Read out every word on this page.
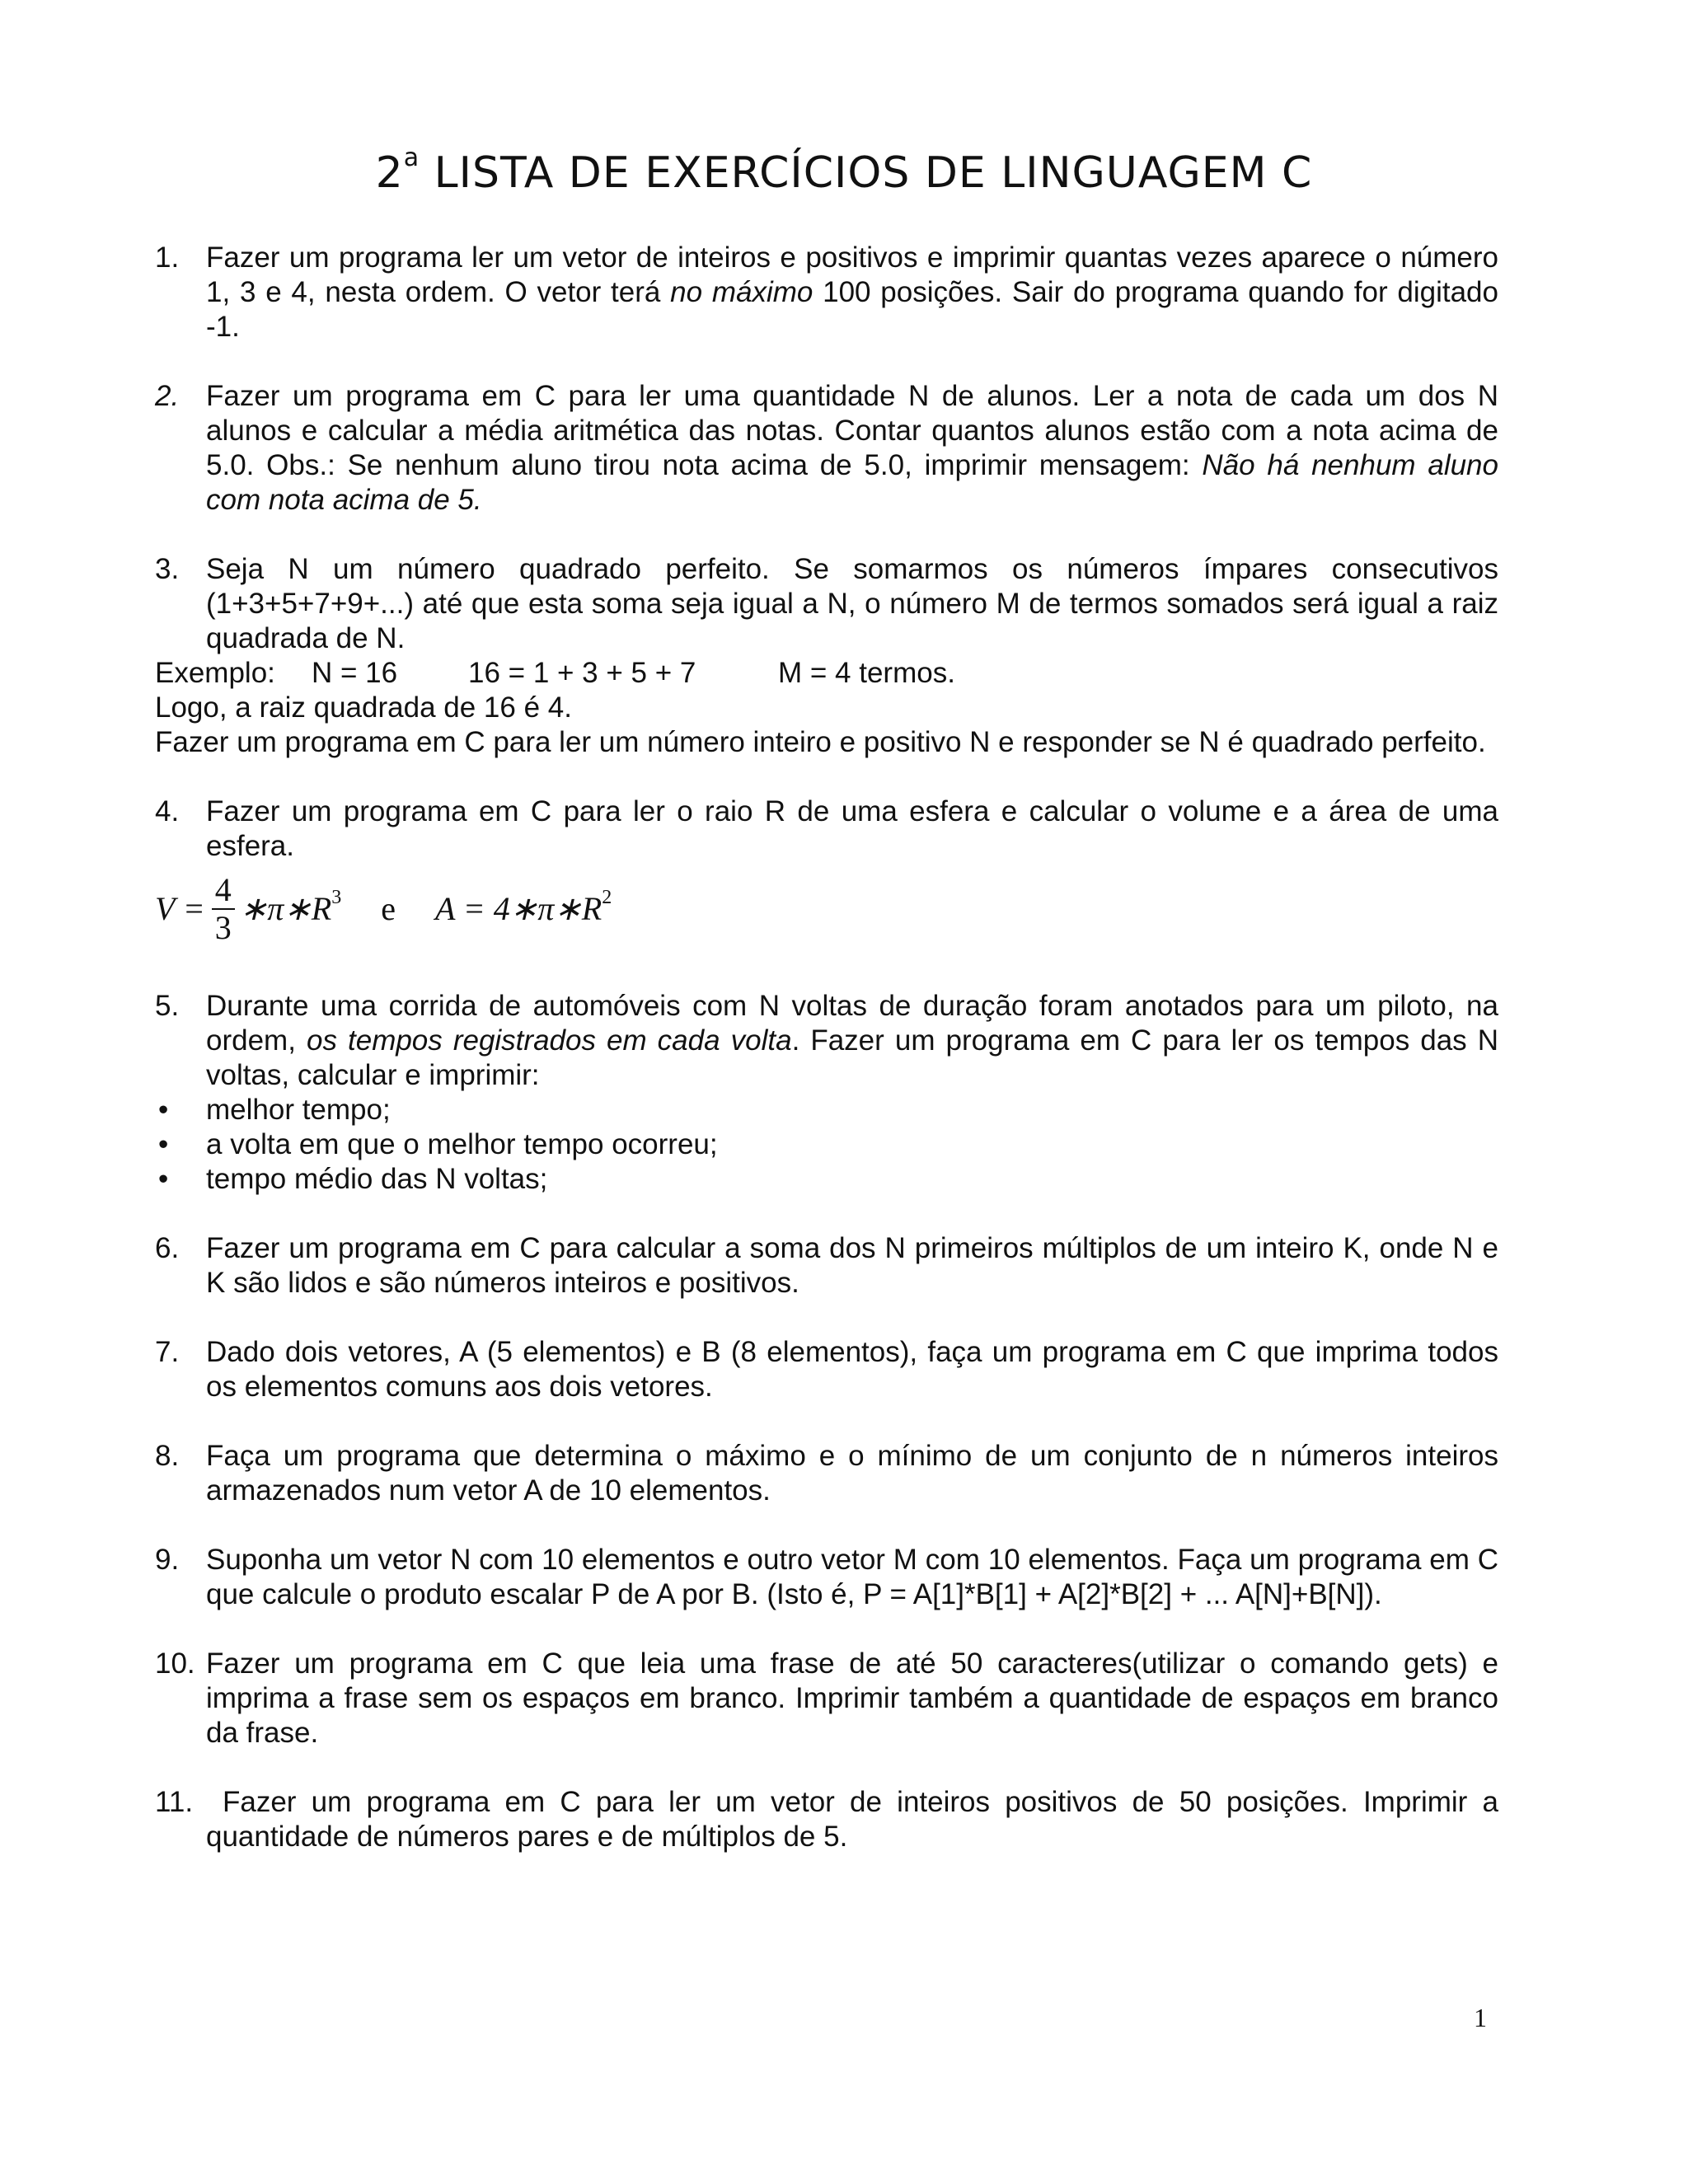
2$^a$ LISTA DE EXERCÍCIOS DE LINGUAGEM C
1. Fazer um programa ler um vetor de inteiros e positivos e imprimir quantas vezes aparece o número 1, 3 e 4, nesta ordem. O vetor terá no máximo 100 posições. Sair do programa quando for digitado -1.
2. Fazer um programa em C para ler uma quantidade N de alunos. Ler a nota de cada um dos N alunos e calcular a média aritmética das notas. Contar quantos alunos estão com a nota acima de 5.0. Obs.: Se nenhum aluno tirou nota acima de 5.0, imprimir mensagem: Não há nenhum aluno com nota acima de 5.
3. Seja N um número quadrado perfeito. Se somarmos os números ímpares consecutivos (1+3+5+7+9+...) até que esta soma seja igual a N, o número M de termos somados será igual a raiz quadrada de N.
Exemplo:	N = 16	16 = 1 + 3 + 5 + 7	M = 4 termos.

Logo, a raiz quadrada de 16 é 4.

Fazer um programa em C para ler um número inteiro e positivo N e responder se N é quadrado perfeito.

4. Fazer um programa em C para ler o raio R de uma esfera e calcular o volume e a área de uma esfera.
$V = \frac{4}{3}$ $∗\pi∗R^3$ e $A = 4∗\pi∗R^2$
5. Durante uma corrida de automóveis com N voltas de duração foram anotados para um piloto, na ordem, os tempos registrados em cada volta. Fazer um programa em C para ler os tempos das N voltas, calcular e imprimir:
•	melhor tempo;
•	a volta em que o melhor tempo ocorreu;
•	tempo médio das N voltas;
6. Fazer um programa em C para calcular a soma dos N primeiros múltiplos de um inteiro K, onde N e K são lidos e são números inteiros e positivos.
7. Dado dois vetores, A (5 elementos) e B (8 elementos), faça um programa em C que imprima todos os elementos comuns aos dois vetores.
8. Faça um programa que determina o máximo e o mínimo de um conjunto de n números inteiros armazenados num vetor A de 10 elementos.
9. Suponha um vetor N com 10 elementos e outro vetor M com 10 elementos. Faça um programa em C que calcule o produto escalar P de A por B. (Isto é, P = A[1]*B[1] + A[2]*B[2] + ... A[N]+B[N]).
10. Fazer um programa em C que leia uma frase de até 50 caracteres(utilizar o comando gets) e imprima a frase sem os espaços em branco. Imprimir também a quantidade de espaços em branco da frase.
11.	Fazer um programa em C para ler um vetor de inteiros positivos de 50 posições. Imprimir a quantidade de números pares e de múltiplos de 5.
1
